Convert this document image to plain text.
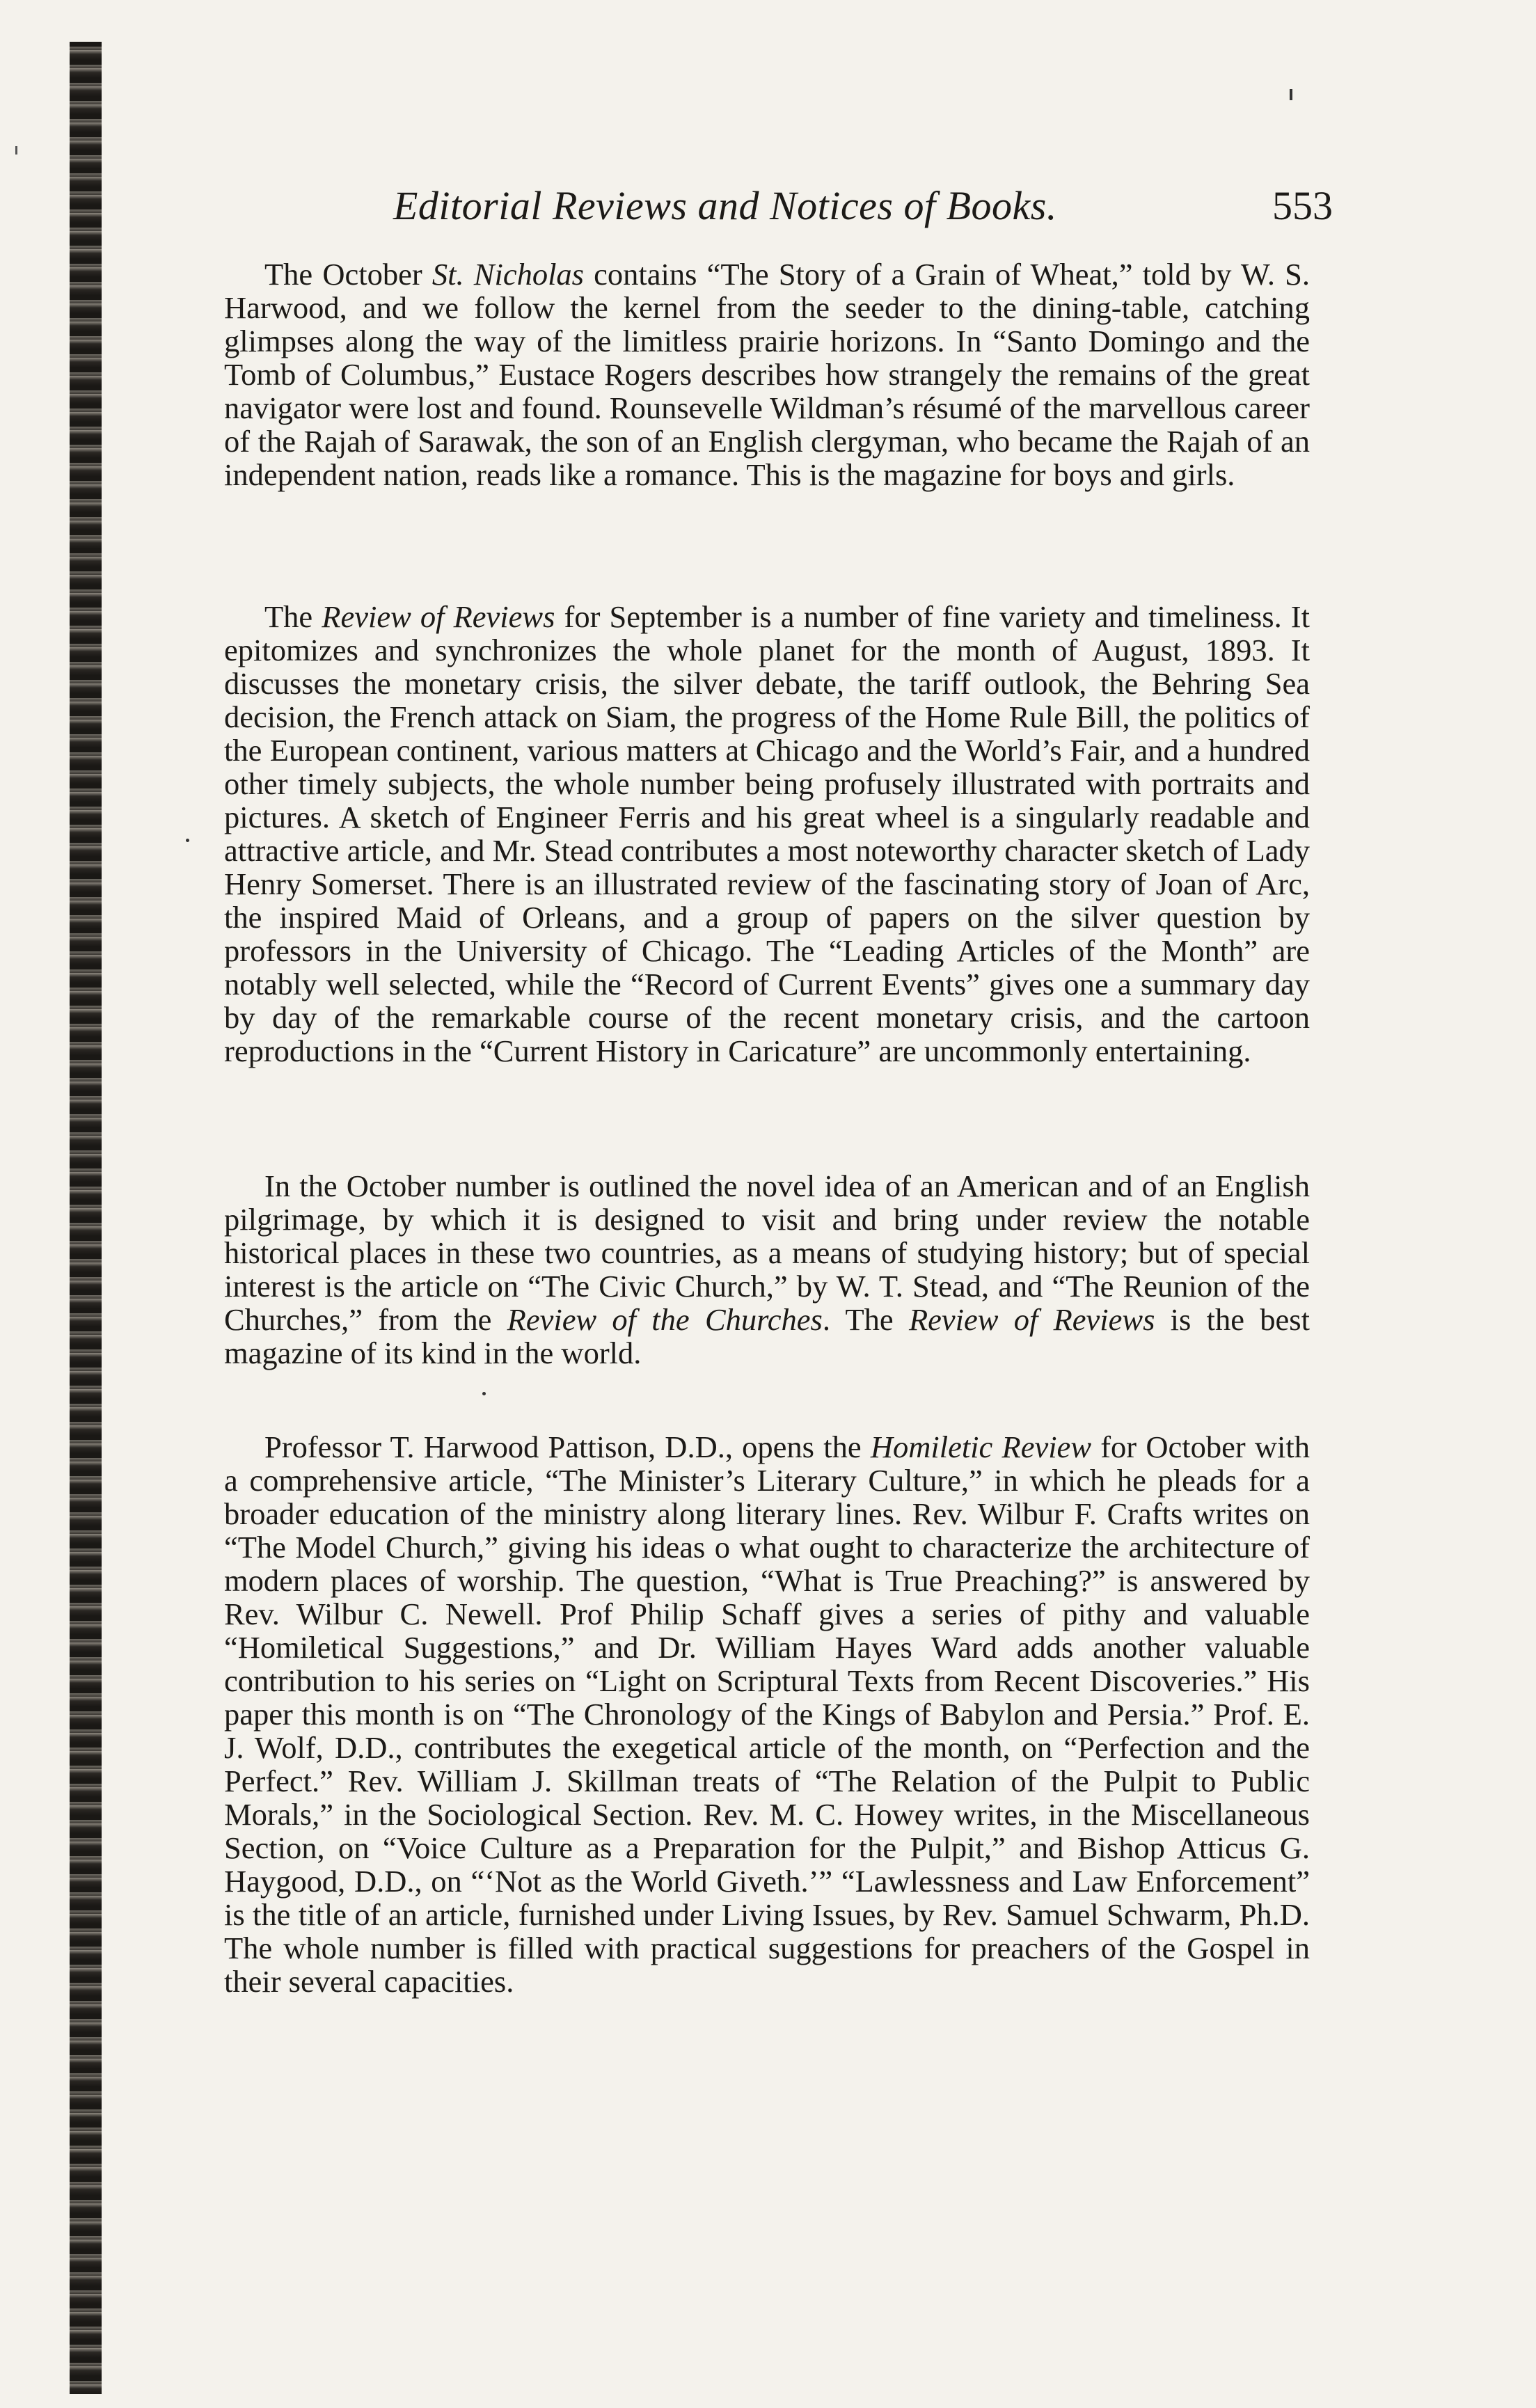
Editorial Reviews and Notices of Books.	553

The October St. Nicholas contains “The Story of a Grain of Wheat,” told by W. S. Harwood, and we follow the kernel from the seeder to the dining-table, catching glimpses along the way of the limitless prairie horizons. In “Santo Domingo and the Tomb of Columbus,” Eustace Rogers describes how strangely the remains of the great navigator were lost and found. Rounsevelle Wildman’s résumé of the marvellous career of the Rajah of Sarawak, the son of an English clergyman, who became the Rajah of an independent nation, reads like a romance. This is the magazine for boys and girls.

The Review of Reviews for September is a number of fine variety and timeliness. It epitomizes and synchronizes the whole planet for the month of August, 1893. It discusses the monetary crisis, the silver debate, the tariff outlook, the Behring Sea decision, the French attack on Siam, the progress of the Home Rule Bill, the politics of the European continent, various matters at Chicago and the World’s Fair, and a hundred other timely subjects, the whole number being profusely illustrated with portraits and pictures. A sketch of Engineer Ferris and his great wheel is a singularly readable and attractive article, and Mr. Stead contributes a most noteworthy character sketch of Lady Henry Somerset. There is an illustrated review of the fascinating story of Joan of Arc, the inspired Maid of Orleans, and a group of papers on the silver question by professors in the University of Chicago. The “Leading Articles of the Month” are notably well selected, while the “Record of Current Events” gives one a summary day by day of the remarkable course of the recent monetary crisis, and the cartoon reproductions in the “Current History in Caricature” are uncommonly entertaining.

In the October number is outlined the novel idea of an American and of an English pilgrimage, by which it is designed to visit and bring under review the notable historical places in these two countries, as a means of studying history; but of special interest is the article on “The Civic Church,” by W. T. Stead, and “The Reunion of the Churches,” from the Review of the Churches. The Review of Reviews is the best magazine of its kind in the world.

Professor T. Harwood Pattison, D.D., opens the Homiletic Review for October with a comprehensive article, “The Minister’s Literary Culture,” in which he pleads for a broader education of the ministry along literary lines. Rev. Wilbur F. Crafts writes on “The Model Church,” giving his ideas o what ought to characterize the architecture of modern places of worship. The question, “What is True Preaching?” is answered by Rev. Wilbur C. Newell. Prof Philip Schaff gives a series of pithy and valuable “Homiletical Suggestions,” and Dr. William Hayes Ward adds another valuable contribution to his series on “Light on Scriptural Texts from Recent Discoveries.” His paper this month is on “The Chronology of the Kings of Babylon and Persia.” Prof. E. J. Wolf, D.D., contributes the exegetical article of the month, on “Perfection and the Perfect.” Rev. William J. Skillman treats of “The Relation of the Pulpit to Public Morals,” in the Sociological Section. Rev. M. C. Howey writes, in the Miscellaneous Section, on “Voice Culture as a Preparation for the Pulpit,” and Bishop Atticus G. Haygood, D.D., on “‘Not as the World Giveth.’” “Lawlessness and Law Enforcement” is the title of an article, furnished under Living Issues, by Rev. Samuel Schwarm, Ph.D. The whole number is filled with practical suggestions for preachers of the Gospel in their several capacities.
